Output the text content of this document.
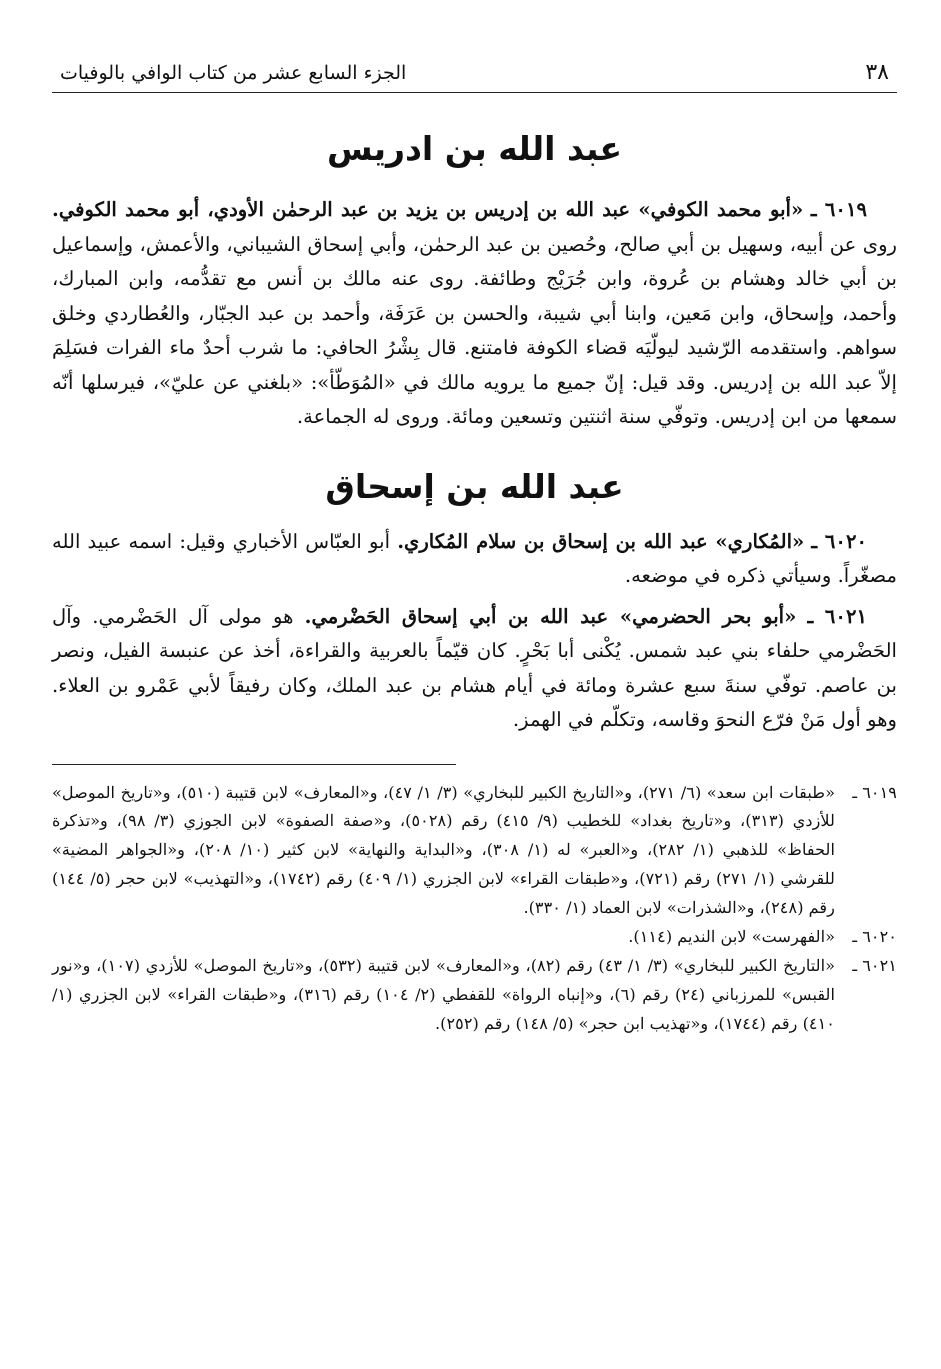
٣٨
الجزء السابع عشر من كتاب الوافي بالوفيات
عبد الله بن ادريس

٦٠١٩ ـ «أبو محمد الكوفي» عبد الله بن إدريس بن يزيد بن عبد الرحمٰن الأودي، أبو محمد الكوفي. روى عن أبيه، وسهيل بن أبي صالح، وحُصين بن عبد الرحمٰن، وأبي إسحاق الشيباني، والأعمش، وإسماعيل بن أبي خالد وهشام بن عُروة، وابن جُرَيْج وطائفة. روى عنه مالك بن أنس مع تقدُّمه، وابن المبارك، وأحمد، وإسحاق، وابن مَعين، وابنا أبي شيبة، والحسن بن عَرَفَة، وأحمد بن عبد الجبّار، والعُطاردي وخلق سواهم. واستقدمه الرّشيد ليولّيَه قضاء الكوفة فامتنع. قال بِشْرُ الحافي: ما شرب أحدٌ ماء الفرات فسَلِمَ إلاّ عبد الله بن إدريس. وقد قيل: إنّ جميع ما يرويه مالك في «المُوَطّأ»: «بلغني عن عليّ»، فيرسلها أنّه سمعها من ابن إدريس. وتوفّي سنة اثنتين وتسعين ومائة. وروى له الجماعة.

عبد الله بن إسحاق

٦٠٢٠ ـ «المُكاري» عبد الله بن إسحاق بن سلام المُكاري. أبو العبّاس الأخباري وقيل: اسمه عبيد الله مصغّراً. وسيأتي ذكره في موضعه.

٦٠٢١ ـ «أبو بحر الحضرمي» عبد الله بن أبي إسحاق الحَضْرمي. هو مولى آل الحَضْرمي. وآل الحَضْرمي حلفاء بني عبد شمس. يُكْنى أبا بَحْرٍ. كان قيّماً بالعربية والقراءة، أخذ عن عنبسة الفيل، ونصر بن عاصم. توفّي سنةَ سبع عشرة ومائة في أيام هشام بن عبد الملك، وكان رفيقاً لأبي عَمْرو بن العلاء. وهو أول مَنْ فرّع النحوَ وقاسه، وتكلّم في الهمز.

٦٠١٩ ـ
«طبقات ابن سعد» (٦/ ٢٧١)، و«التاريخ الكبير للبخاري» (٣/ ١/ ٤٧)، و«المعارف» لابن قتيبة (٥١٠)، و«تاريخ الموصل» للأزدي (٣١٣)، و«تاريخ بغداد» للخطيب (٩/ ٤١٥) رقم (٥٠٢٨)، و«صفة الصفوة» لابن الجوزي (٣/ ٩٨)، و«تذكرة الحفاظ» للذهبي (١/ ٢٨٢)، و«العبر» له (١/ ٣٠٨)، و«البداية والنهاية» لابن كثير (١٠/ ٢٠٨)، و«الجواهر المضية» للقرشي (١/ ٢٧١) رقم (٧٢١)، و«طبقات القراء» لابن الجزري (١/ ٤٠٩) رقم (١٧٤٢)، و«التهذيب» لابن حجر (٥/ ١٤٤) رقم (٢٤٨)، و«الشذرات» لابن العماد (١/ ٣٣٠).
٦٠٢٠ ـ
«الفهرست» لابن النديم (١١٤).
٦٠٢١ ـ
«التاريخ الكبير للبخاري» (٣/ ١/ ٤٣) رقم (٨٢)، و«المعارف» لابن قتيبة (٥٣٢)، و«تاريخ الموصل» للأزدي (١٠٧)، و«نور القبس» للمرزباني (٢٤) رقم (٦)، و«إنباه الرواة» للقفطي (٢/ ١٠٤) رقم (٣١٦)، و«طبقات القراء» لابن الجزري (١/ ٤١٠) رقم (١٧٤٤)، و«تهذيب ابن حجر» (٥/ ١٤٨) رقم (٢٥٢).
